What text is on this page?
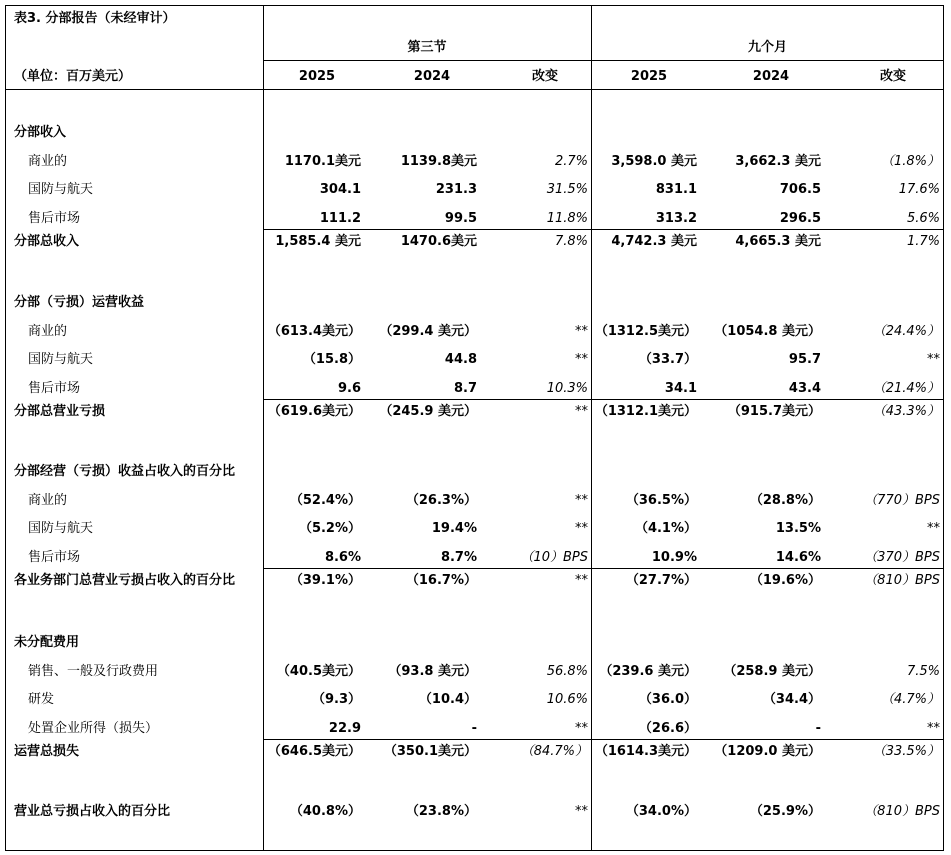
表3. 分部报告（未经审计）
（单位：百万美元）
第三节	九个月
2025	2024	改变	2025	2024	改变
分部收入
商业的	1170.1美元	1139.8美元	2.7%	3,598.0 美元	3,662.3 美元	（1.8%）
国防与航天	304.1	231.3	31.5%	831.1	706.5	17.6%
售后市场	111.2	99.5	11.8%	313.2	296.5	5.6%
分部总收入	1,585.4 美元	1470.6美元	7.8%	4,742.3 美元	4,665.3 美元	1.7%
分部（亏损）运营收益
商业的	（613.4美元）	（299.4 美元）	** （1312.5美元）	（1054.8 美元）	（24.4%）
国防与航天	（15.8）	44.8	**	（33.7）	95.7	**
售后市场	9.6	8.7	10.3%	34.1	43.4	（21.4%）
分部总营业亏损	（619.6美元）	（245.9 美元）	** （1312.1美元）	（915.7美元）	（43.3%）
分部经营（亏损）收益占收入的百分比
商业的	（52.4%）	（26.3%）	**	（36.5%）	（28.8%）	（770）BPS
国防与航天	（5.2%）	19.4%	**	（4.1%）	13.5%	**
售后市场	8.6%	8.7%	（10）BPS	10.9%	14.6%	（370）BPS
各业务部门总营业亏损占收入的百分比	（39.1%）	（16.7%）	**	（27.7%）	（19.6%）	（810）BPS
未分配费用
销售、一般及行政费用	（40.5美元）	（93.8 美元）	56.8% （239.6 美元）	（258.9 美元）	7.5%
研发	（9.3）	（10.4）	10.6%	（36.0）	（34.4）	（4.7%）
处置企业所得（损失）	22.9	-	**	（26.6）	-	**
运营总损失	（646.5美元）	（350.1美元）	（84.7%） （1614.3美元）	（1209.0 美元）	（33.5%）
营业总亏损占收入的百分比	（40.8%）	（23.8%）	**	（34.0%）	（25.9%）	（810）BPS
